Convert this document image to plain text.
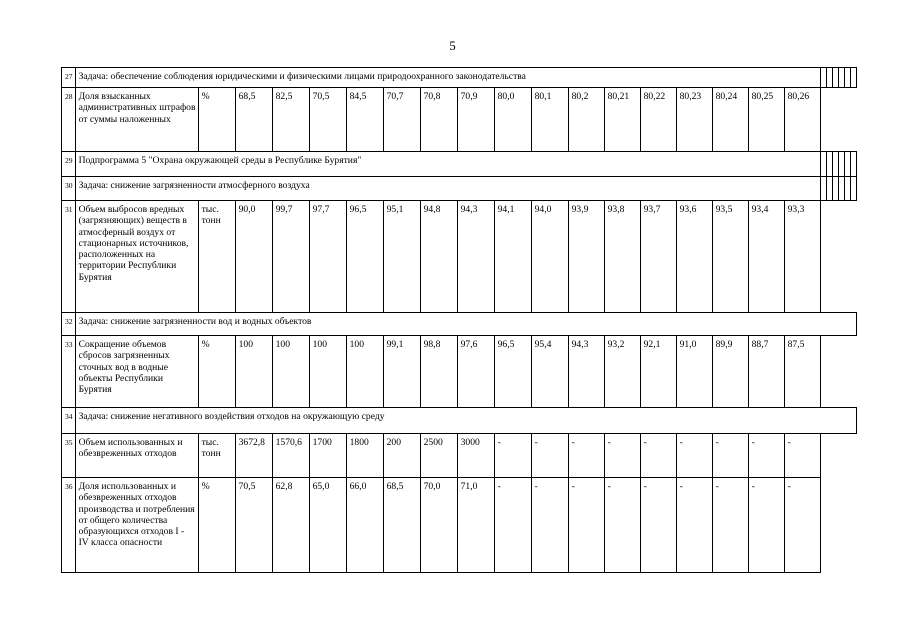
5
27	Задача: обеспечение соблюдения юридическими и физическими лицами природоохранного законодательства																							
28	Доля взысканных административных штрафов от суммы наложенных	%	68,5	82,5	70,5	84,5	70,7	70,8	70,9	80,0	80,1	80,2	80,21	80,22	80,23	80,24	80,25	80,26						
29	Подпрограмма 5 "Охрана окружающей среды в Республике Бурятия"																							
30	Задача: снижение загрязненности атмосферного воздуха																							
31	Объем выбросов вредных (загрязняющих) веществ в атмосферный воздух от стационарных источников, расположенных на территории Республики Бурятия	тыс. тонн	90,0	99,7	97,7	96,5	95,1	94,8	94,3	94,1	94,0	93,9	93,8	93,7	93,6	93,5	93,4	93,3						
32	Задача: снижение загрязненности вод и водных объектов																							
33	Сокращение объемов сбросов загрязненных сточных вод в водные объекты Республики Бурятия	%	100	100	100	100	99,1	98,8	97,6	96,5	95,4	94,3	93,2	92,1	91,0	89,9	88,7	87,5						
34	Задача: снижение негативного воздействия отходов на окружающую среду																							
35	Объем использованных и обезвреженных отходов	тыс. тонн	3672,8	1570,6	1700	1800	200	2500	3000	-	-	-	-	-	-	-	-	-						
36	Доля использованных и обезвреженных отходов производства и потребления от общего количества образующихся отходов I - IV класса опасности	%	70,5	62,8	65,0	66,0	68,5	70,0	71,0	-	-	-	-	-	-	-	-	-						
